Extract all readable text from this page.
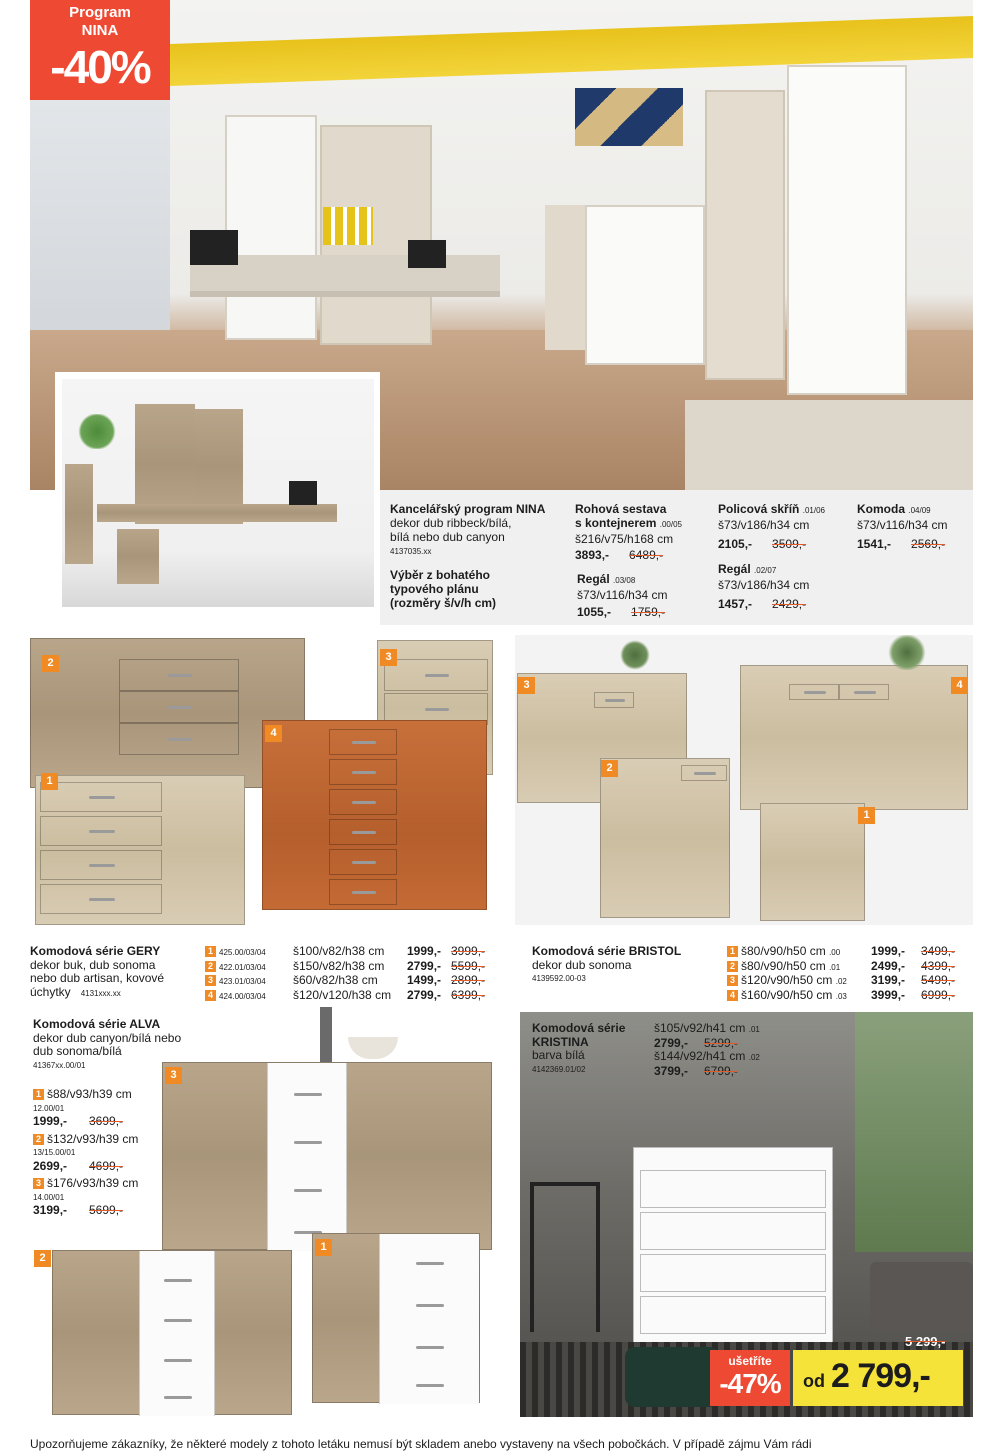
Program
NINA
-40%
Kancelářský program NINA
dekor dub ribbeck/bílá,
bílá nebo dub canyon
4137035.xx
Výběr z bohatého
typového plánu
(rozměry š/v/h cm)
Rohová sestava
s kontejnerem .00/05
š216/v75/h168 cm
3893,- 6489,-
Regál .03/08
š73/v116/h34 cm
1055,- 1759,-
Policová skříň .01/06
š73/v186/h34 cm
2105,- 3509,-
Regál .02/07
š73/v186/h34 cm
1457,- 2429,-
Komoda .04/09
š73/v116/h34 cm
1541,- 2569,-
2	3
1
4
3	4
2
1
Komodová série GERY
dekor buk, dub sonoma
nebo dub artisan, kovové
úchytky 4131xxx.xx
1 425.00/03/04 š100/v82/h38 cm 1999,- 3999,-
2 422.01/03/04 š150/v82/h38 cm 2799,- 5599,-
3 423.01/03/04 š60/v82/h38 cm 1499,- 2899,-
4 424.00/03/04 š120/v120/h38 cm 2799,- 6399,-
Komodová série BRISTOL
dekor dub sonoma
4139592.00-03
1 š80/v90/h50 cm .00	1999,- 3499,-
2 š80/v90/h50 cm .01	2499,- 4399,-
3 š120/v90/h50 cm .02 3199,- 5499,-
4 š160/v90/h50 cm .03 3999,- 6999,-
Komodová série ALVA
dekor dub canyon/bílá nebo
dub sonoma/bílá
41367xx.00/01
1 š88/v93/h39 cm
12.00/01
1999,- 3699,-
2 š132/v93/h39 cm
13/15.00/01
2699,- 4699,-
3 š176/v93/h39 cm
14.00/01
3199,- 5699,-
3
2
1
Komodová série
KRISTINA
barva bílá
4142369.01/02
š105/v92/h41 cm .01
2799,- 5299,-
š144/v92/h41 cm .02
3799,- 6799,-
5 299,-
ušetříte
-47%	od 2 799,-
Upozorňujeme zákazníky, že některé modely z tohoto letáku nemusí být skladem anebo vystaveny na všech pobočkách. V případě zájmu Vám rádi
